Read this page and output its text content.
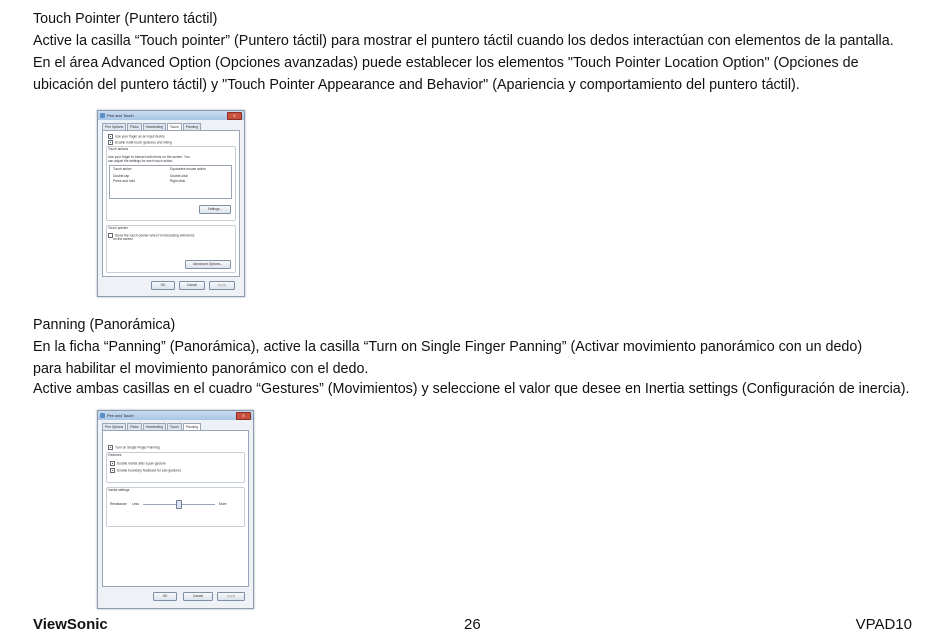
Touch Pointer (Puntero táctil)
Active la casilla “Touch pointer” (Puntero táctil) para mostrar el puntero táctil cuando los dedos interactúan con elementos de la pantalla.
En el área Advanced Option (Opciones avanzadas) puede establecer los elementos "Touch Pointer Location Option" (Opciones de
ubicación del puntero táctil) y "Touch Pointer Appearance and Behavior" (Apariencia y comportamiento del puntero táctil).
Pen and Touch	X
Pen Options	Flicks	Handwriting	Touch	Panning
Use your finger as an input device
Enable multi-touch gestures and inking
Touch actions
Use your finger to interact with items on the screen. You
can adjust the settings for each touch action.
Touch action	Equivalent mouse action
Double-tap	Double-click
Press and hold	Right-click
Settings...
Touch pointer
Show the touch pointer when I'm interacting with items
on the screen
Advanced Options...
OK	Cancel	Apply
Panning (Panorámica)
En la ficha “Panning” (Panorámica), active la casilla “Turn on Single Finger Panning” (Activar movimiento panorámico con un dedo)
para habilitar el movimiento panorámico con el dedo.
Active ambas casillas en el cuadro “Gestures” (Movimientos) y seleccione el valor que desee en Inertia settings (Configuración de inercia).
Pen and Touch	X
Pen Options	Flicks	Handwriting	Touch	Panning
Turn on Single Finger Panning
Gestures
Enable inertia after a pan gesture
Enable boundary feedback for pan gestures
Inertia settings
Resistance: Less	More
OK	Cancel	Apply
ViewSonic	26	VPAD10
